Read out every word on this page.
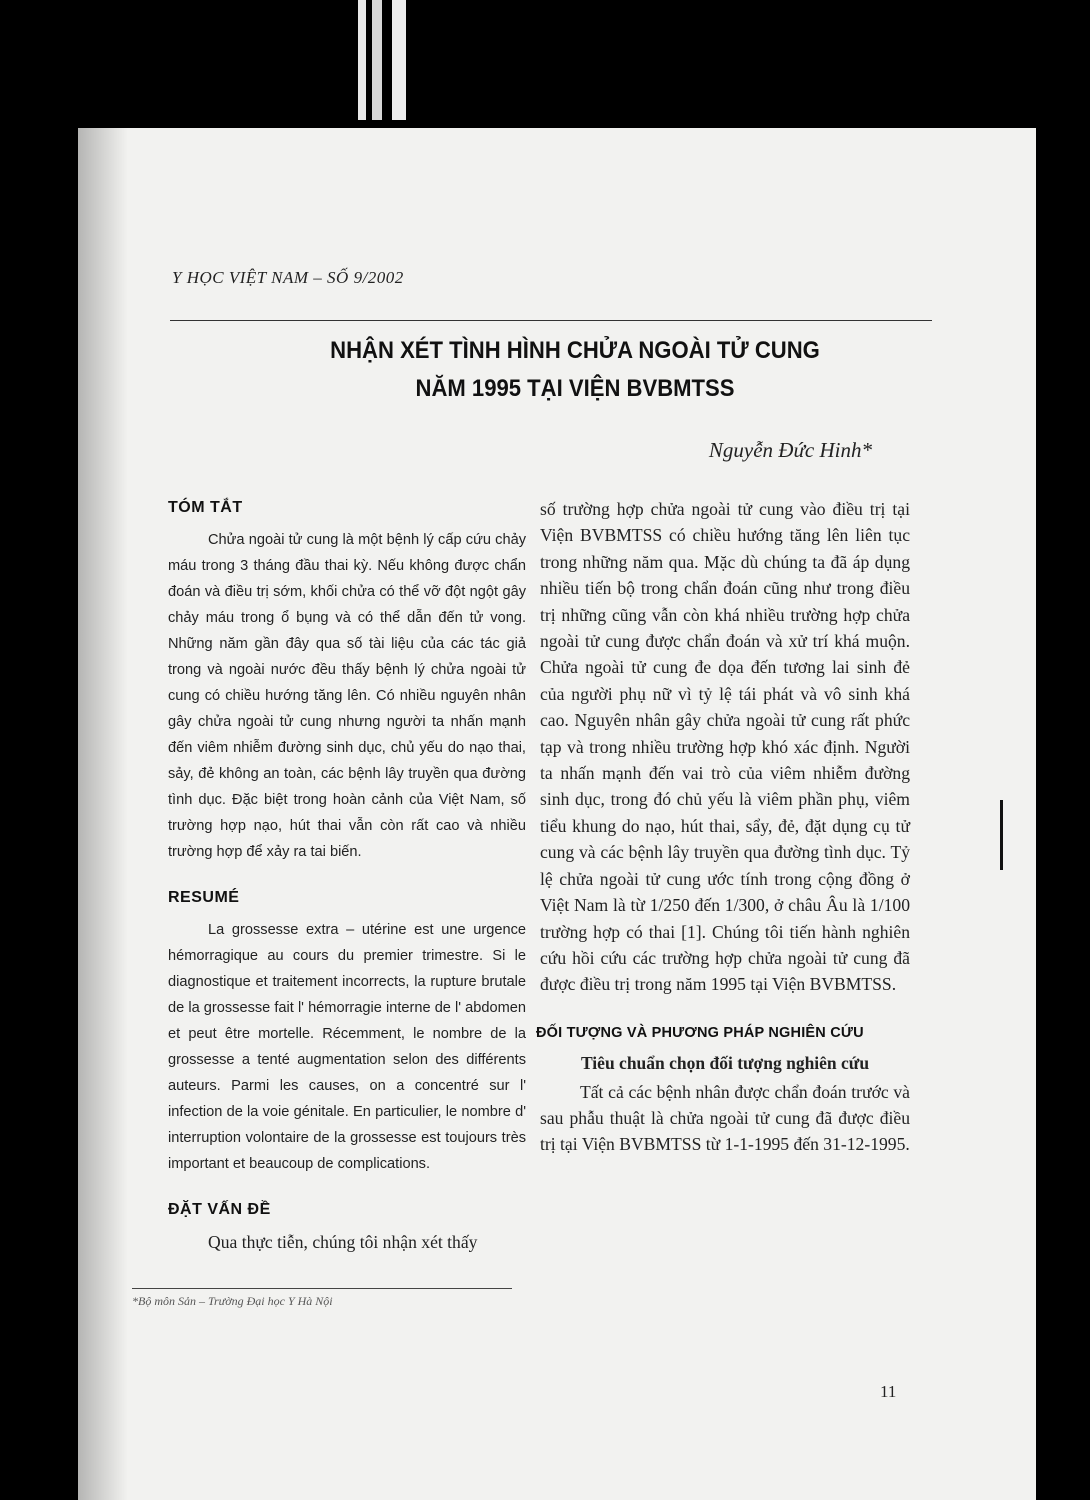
Y HỌC VIỆT NAM – SỐ 9/2002
NHẬN XÉT TÌNH HÌNH CHỬA NGOÀI TỬ CUNG
NĂM 1995 TẠI VIỆN BVBMTSS
Nguyễn Đức Hinh*
TÓM TẮT

Chửa ngoài tử cung là một bệnh lý cấp cứu chảy máu trong 3 tháng đầu thai kỳ. Nếu không được chẩn đoán và điều trị sớm, khối chửa có thể vỡ đột ngột gây chảy máu trong ổ bụng và có thể dẫn đến tử vong. Những năm gần đây qua số tài liệu của các tác giả trong và ngoài nước đều thấy bệnh lý chửa ngoài tử cung có chiều hướng tăng lên. Có nhiều nguyên nhân gây chửa ngoài tử cung nhưng người ta nhấn mạnh đến viêm nhiễm đường sinh dục, chủ yếu do nạo thai, sảy, đẻ không an toàn, các bệnh lây truyền qua đường tình dục. Đặc biệt trong hoàn cảnh của Việt Nam, số trường hợp nạo, hút thai vẫn còn rất cao và nhiều trường hợp để xảy ra tai biến.

RESUMÉ

La grossesse extra – utérine est une urgence hémorragique au cours du premier trimestre. Si le diagnostique et traitement incorrects, la rupture brutale de la grossesse fait l' hémorragie interne de l' abdomen et peut être mortelle. Récemment, le nombre de la grossesse a tenté augmentation selon des différents auteurs. Parmi les causes, on a concentré sur l' infection de la voie génitale. En particulier, le nombre d' interruption volontaire de la grossesse est toujours très important et beaucoup de complications.

ĐẶT VẤN ĐỀ

Qua thực tiễn, chúng tôi nhận xét thấy

số trường hợp chửa ngoài tử cung vào điều trị tại Viện BVBMTSS có chiều hướng tăng lên liên tục trong những năm qua. Mặc dù chúng ta đã áp dụng nhiều tiến bộ trong chẩn đoán cũng như trong điều trị những cũng vẫn còn khá nhiều trường hợp chửa ngoài tử cung được chẩn đoán và xử trí khá muộn. Chửa ngoài tử cung đe dọa đến tương lai sinh đẻ của người phụ nữ vì tỷ lệ tái phát và vô sinh khá cao. Nguyên nhân gây chửa ngoài tử cung rất phức tạp và trong nhiều trường hợp khó xác định. Người ta nhấn mạnh đến vai trò của viêm nhiễm đường sinh dục, trong đó chủ yếu là viêm phần phụ, viêm tiểu khung do nạo, hút thai, sẩy, đẻ, đặt dụng cụ tử cung và các bệnh lây truyền qua đường tình dục. Tỷ lệ chửa ngoài tử cung ước tính trong cộng đồng ở Việt Nam là từ 1/250 đến 1/300, ở châu Âu là 1/100 trường hợp có thai [1]. Chúng tôi tiến hành nghiên cứu hồi cứu các trường hợp chửa ngoài tử cung đã được điều trị trong năm 1995 tại Viện BVBMTSS.

ĐỐI TƯỢNG VÀ PHƯƠNG PHÁP NGHIÊN CỨU
Tiêu chuẩn chọn đối tượng nghiên cứu

Tất cả các bệnh nhân được chẩn đoán trước và sau phẫu thuật là chửa ngoài tử cung đã được điều trị tại Viện BVBMTSS từ 1-1-1995 đến 31-12-1995.

*Bộ môn Sản – Trường Đại học Y Hà Nội
11
